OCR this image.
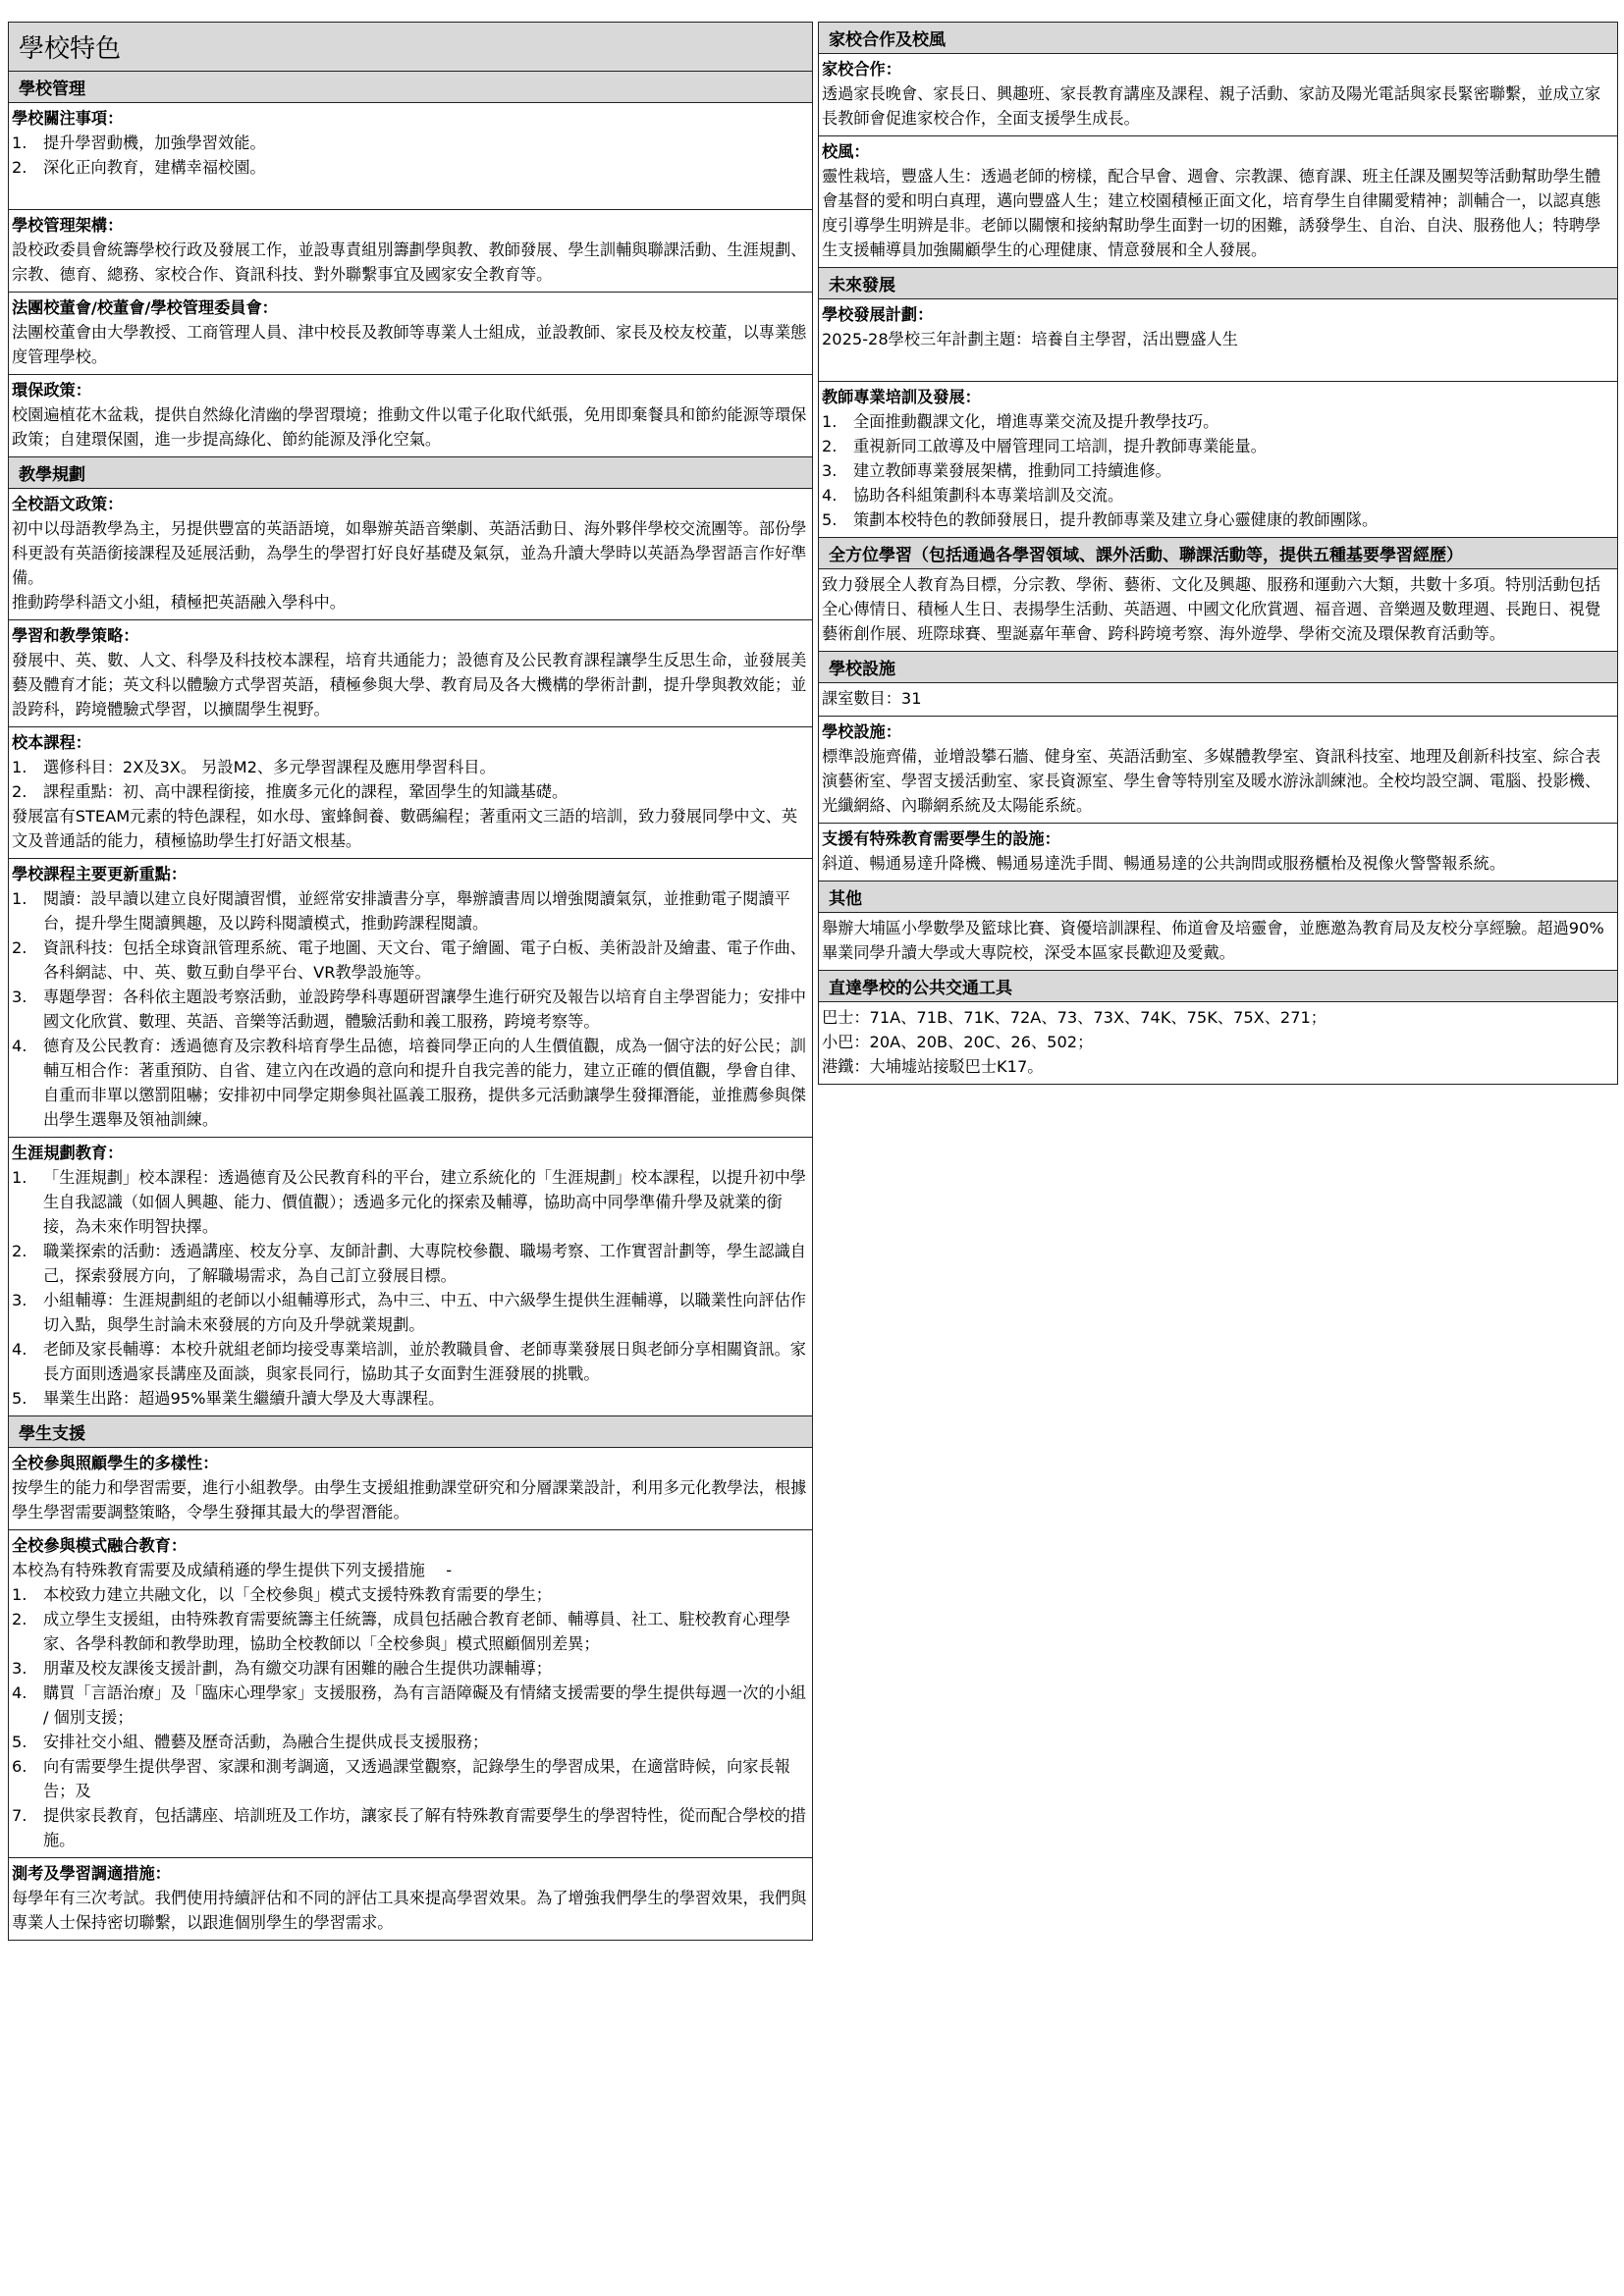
學校特色
學校管理
學校關注事項：
1.	提升學習動機，加強學習效能。
2.	深化正向教育，建構幸福校園。
學校管理架構：
設校政委員會統籌學校行政及發展工作，並設專責組別籌劃學與教、教師發展、學生訓輔與聯課活動、生涯規劃、宗教、德育、總務、家校合作、資訊科技、對外聯繫事宜及國家安全教育等。
法團校董會/校董會/學校管理委員會：
法團校董會由大學教授、工商管理人員、津中校長及教師等專業人士組成，並設教師、家長及校友校董，以專業態度管理學校。
環保政策：
校園遍植花木盆栽，提供自然綠化清幽的學習環境；推動文件以電子化取代紙張，免用即棄餐具和節約能源等環保政策；自建環保園，進一步提高綠化、節約能源及淨化空氣。
教學規劃
全校語文政策：
初中以母語教學為主，另提供豐富的英語語境，如舉辦英語音樂劇、英語活動日、海外夥伴學校交流團等。部份學科更設有英語銜接課程及延展活動，為學生的學習打好良好基礎及氣氛，並為升讀大學時以英語為學習語言作好準備。
推動跨學科語文小組，積極把英語融入學科中。
學習和教學策略：
發展中、英、數、人文、科學及科技校本課程，培育共通能力；設德育及公民教育課程讓學生反思生命，並發展美藝及體育才能；英文科以體驗方式學習英語，積極參與大學、教育局及各大機構的學術計劃，提升學與教效能；並設跨科，跨境體驗式學習，以擴闊學生視野。
校本課程：
1.	選修科目：2X及3X。 另設M2、多元學習課程及應用學習科目。
2.	課程重點：初、高中課程銜接，推廣多元化的課程，鞏固學生的知識基礎。
發展富有STEAM元素的特色課程，如水母、蜜蜂飼養、數碼編程；著重兩文三語的培訓，致力發展同學中文、英文及普通話的能力，積極協助學生打好語文根基。
學校課程主要更新重點：
1.	閱讀：設早讀以建立良好閱讀習慣，並經常安排讀書分享，舉辦讀書周以增強閱讀氣氛，並推動電子閱讀平台，提升學生閱讀興趣，及以跨科閱讀模式，推動跨課程閱讀。
2.	資訊科技：包括全球資訊管理系統、電子地圖、天文台、電子繪圖、電子白板、美術設計及繪畫、電子作曲、各科網誌、中、英、數互動自學平台、VR教學設施等。
3.	專題學習：各科依主題設考察活動，並設跨學科專題研習讓學生進行研究及報告以培育自主學習能力；安排中國文化欣賞、數理、英語、音樂等活動週，體驗活動和義工服務，跨境考察等。
4.	德育及公民教育：透過德育及宗教科培育學生品德，培養同學正向的人生價值觀，成為一個守法的好公民；訓輔互相合作：著重預防、自省、建立內在改過的意向和提升自我完善的能力，建立正確的價值觀，學會自律、自重而非單以懲罰阻嚇；安排初中同學定期參與社區義工服務，提供多元活動讓學生發揮潛能，並推薦參與傑出學生選舉及領袖訓練。
生涯規劃教育：
1.	「生涯規劃」校本課程：透過德育及公民教育科的平台，建立系統化的「生涯規劃」校本課程，以提升初中學生自我認識（如個人興趣、能力、價值觀）；透過多元化的探索及輔導，協助高中同學準備升學及就業的銜接，為未來作明智抉擇。
2.	職業探索的活動：透過講座、校友分享、友師計劃、大專院校參觀、職場考察、工作實習計劃等，學生認識自己，探索發展方向，了解職場需求，為自己訂立發展目標。
3.	小組輔導：生涯規劃組的老師以小組輔導形式，為中三、中五、中六級學生提供生涯輔導，以職業性向評估作切入點，與學生討論未來發展的方向及升學就業規劃。
4.	老師及家長輔導：本校升就組老師均接受專業培訓，並於教職員會、老師專業發展日與老師分享相關資訊。家長方面則透過家長講座及面談，與家長同行，協助其子女面對生涯發展的挑戰。
5.	畢業生出路：超過95%畢業生繼續升讀大學及大專課程。
學生支援
全校參與照顧學生的多樣性：
按學生的能力和學習需要，進行小組教學。由學生支援組推動課堂研究和分層課業設計，利用多元化教學法，根據學生學習需要調整策略，令學生發揮其最大的學習潛能。
全校參與模式融合教育：
本校為有特殊教育需要及成績稍遜的學生提供下列支援措施　 -
1.	本校致力建立共融文化，以「全校參與」模式支援特殊教育需要的學生；
2.	成立學生支援組，由特殊教育需要統籌主任統籌，成員包括融合教育老師、輔導員、社工、駐校教育心理學家、各學科教師和教學助理，協助全校教師以「全校參與」模式照顧個別差異；
3.	朋輩及校友課後支援計劃，為有繳交功課有困難的融合生提供功課輔導；
4.	購買「言語治療」及「臨床心理學家」支援服務，為有言語障礙及有情緒支援需要的學生提供每週一次的小組 / 個別支援；
5.	安排社交小組、體藝及歷奇活動，為融合生提供成長支援服務；
6.	向有需要學生提供學習、家課和測考調適，又透過課堂觀察，記錄學生的學習成果，在適當時候，向家長報告；及
7.	提供家長教育，包括講座、培訓班及工作坊，讓家長了解有特殊教育需要學生的學習特性，從而配合學校的措施。
測考及學習調適措施：
每學年有三次考試。我們使用持續評估和不同的評估工具來提高學習效果。為了增強我們學生的學習效果，我們與專業人士保持密切聯繫，以跟進個別學生的學習需求。
家校合作及校風
家校合作：
透過家長晚會、家長日、興趣班、家長教育講座及課程、親子活動、家訪及陽光電話與家長緊密聯繫，並成立家長教師會促進家校合作，全面支援學生成長。
校風：
靈性栽培，豐盛人生：透過老師的榜樣，配合早會、週會、宗教課、德育課、班主任課及團契等活動幫助學生體會基督的愛和明白真理，邁向豐盛人生；建立校園積極正面文化，培育學生自律關愛精神；訓輔合一，以認真態度引導學生明辨是非。老師以關懷和接納幫助學生面對一切的困難，誘發學生、自治、自決、服務他人；特聘學生支援輔導員加強關顧學生的心理健康、情意發展和全人發展。
未來發展
學校發展計劃：
2025-28學校三年計劃主題：培養自主學習，活出豐盛人生
教師專業培訓及發展：
1.	全面推動觀課文化，增進專業交流及提升教學技巧。
2.	重視新同工啟導及中層管理同工培訓，提升教師專業能量。
3.	建立教師專業發展架構，推動同工持續進修。
4.	協助各科組策劃科本專業培訓及交流。
5.	策劃本校特色的教師發展日，提升教師專業及建立身心靈健康的教師團隊。
全方位學習（包括通過各學習領域、課外活動、聯課活動等，提供五種基要學習經歷）
致力發展全人教育為目標，分宗教、學術、藝術、文化及興趣、服務和運動六大類，共數十多項。特別活動包括全心傳情日、積極人生日、表揚學生活動、英語週、中國文化欣賞週、福音週、音樂週及數理週、長跑日、視覺藝術創作展、班際球賽、聖誕嘉年華會、跨科跨境考察、海外遊學、學術交流及環保教育活動等。
學校設施
課室數目：31
學校設施：
標準設施齊備，並增設攀石牆、健身室、英語活動室、多媒體教學室、資訊科技室、地理及創新科技室、綜合表演藝術室、學習支援活動室、家長資源室、學生會等特別室及暖水游泳訓練池。全校均設空調、電腦、投影機、光纖網絡、內聯網系統及太陽能系統。
支援有特殊教育需要學生的設施：
斜道、暢通易達升降機、暢通易達洗手間、暢通易達的公共詢問或服務櫃枱及視像火警警報系統。
其他
舉辦大埔區小學數學及籃球比賽、資優培訓課程、佈道會及培靈會，並應邀為教育局及友校分享經驗。超過90%畢業同學升讀大學或大專院校，深受本區家長歡迎及愛戴。
直達學校的公共交通工具
巴士：71A、71B、71K、72A、73、73X、74K、75K、75X、271；
小巴：20A、20B、20C、26、502；
港鐵：大埔墟站接駁巴士K17。
